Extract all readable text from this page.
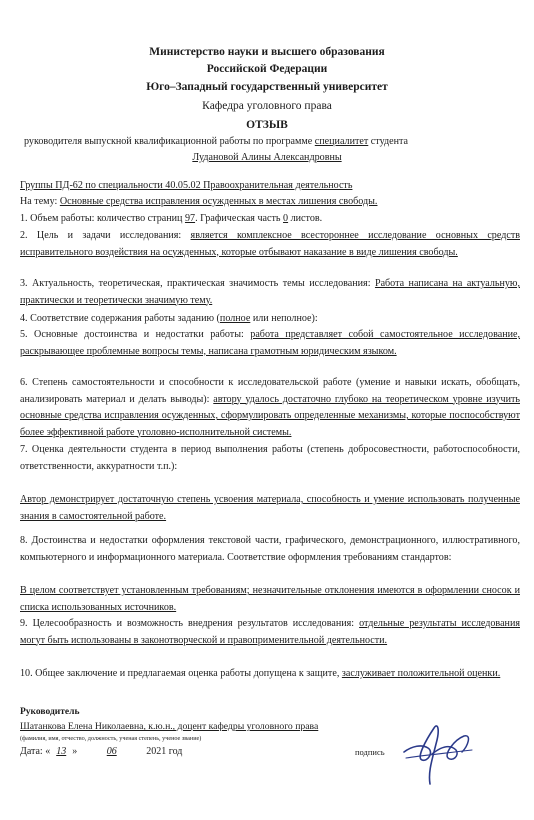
Министерство науки и высшего образования
Российской Федерации
Юго–Западный государственный университет
Кафедра уголовного права
ОТЗЫВ
руководителя выпускной квалификационной работы по программе специалитет студента
Лудановой Алины Александровны
Группы ПД-62 по специальности 40.05.02 Правоохранительная деятельность
На тему: Основные средства исправления осужденных в местах лишения свободы.
1. Объем работы: количество страниц 97. Графическая часть 0 листов.
2. Цель и задачи исследования: является комплексное всестороннее исследование основных средств исправительного воздействия на осужденных, которые отбывают наказание в виде лишения свободы.
3. Актуальность, теоретическая, практическая значимость темы исследования: Работа написана на актуальную, практически и теоретически значимую тему.
4. Соответствие содержания работы заданию (полное или неполное):
5. Основные достоинства и недостатки работы: работа представляет собой самостоятельное исследование, раскрывающее проблемные вопросы темы, написана грамотным юридическим языком.
6. Степень самостоятельности и способности к исследовательской работе (умение и навыки искать, обобщать, анализировать материал и делать выводы): автору удалось достаточно глубоко на теоретическом уровне изучить основные средства исправления осужденных, сформулировать определенные механизмы, которые поспособствуют более эффективной работе уголовно-исполнительной системы.
7. Оценка деятельности студента в период выполнения работы (степень добросовестности, работоспособности, ответственности, аккуратности т.п.):
Автор демонстрирует достаточную степень усвоения материала, способность и умение использовать полученные знания в самостоятельной работе.
8. Достоинства и недостатки оформления текстовой части, графического, демонстрационного, иллюстративного, компьютерного и информационного материала. Соответствие оформления требованиям стандартов:
В целом соответствует установленным требованиям; незначительные отклонения имеются в оформлении сносок и списка использованных источников.
9. Целесообразность и возможность внедрения результатов исследования: отдельные результаты исследования могут быть использованы в законотворческой и правоприменительной деятельности.
10. Общее заключение и предлагаемая оценка работы допущена к защите, заслуживает положительной оценки.
Руководитель
Шатанкова Елена Николаевна, к.ю.н., доцент кафедры уголовного права
(фамилия, имя, отчество, должность, ученая степень, ученое звание)
Дата: « 13 »	06	2021 год	подпись
